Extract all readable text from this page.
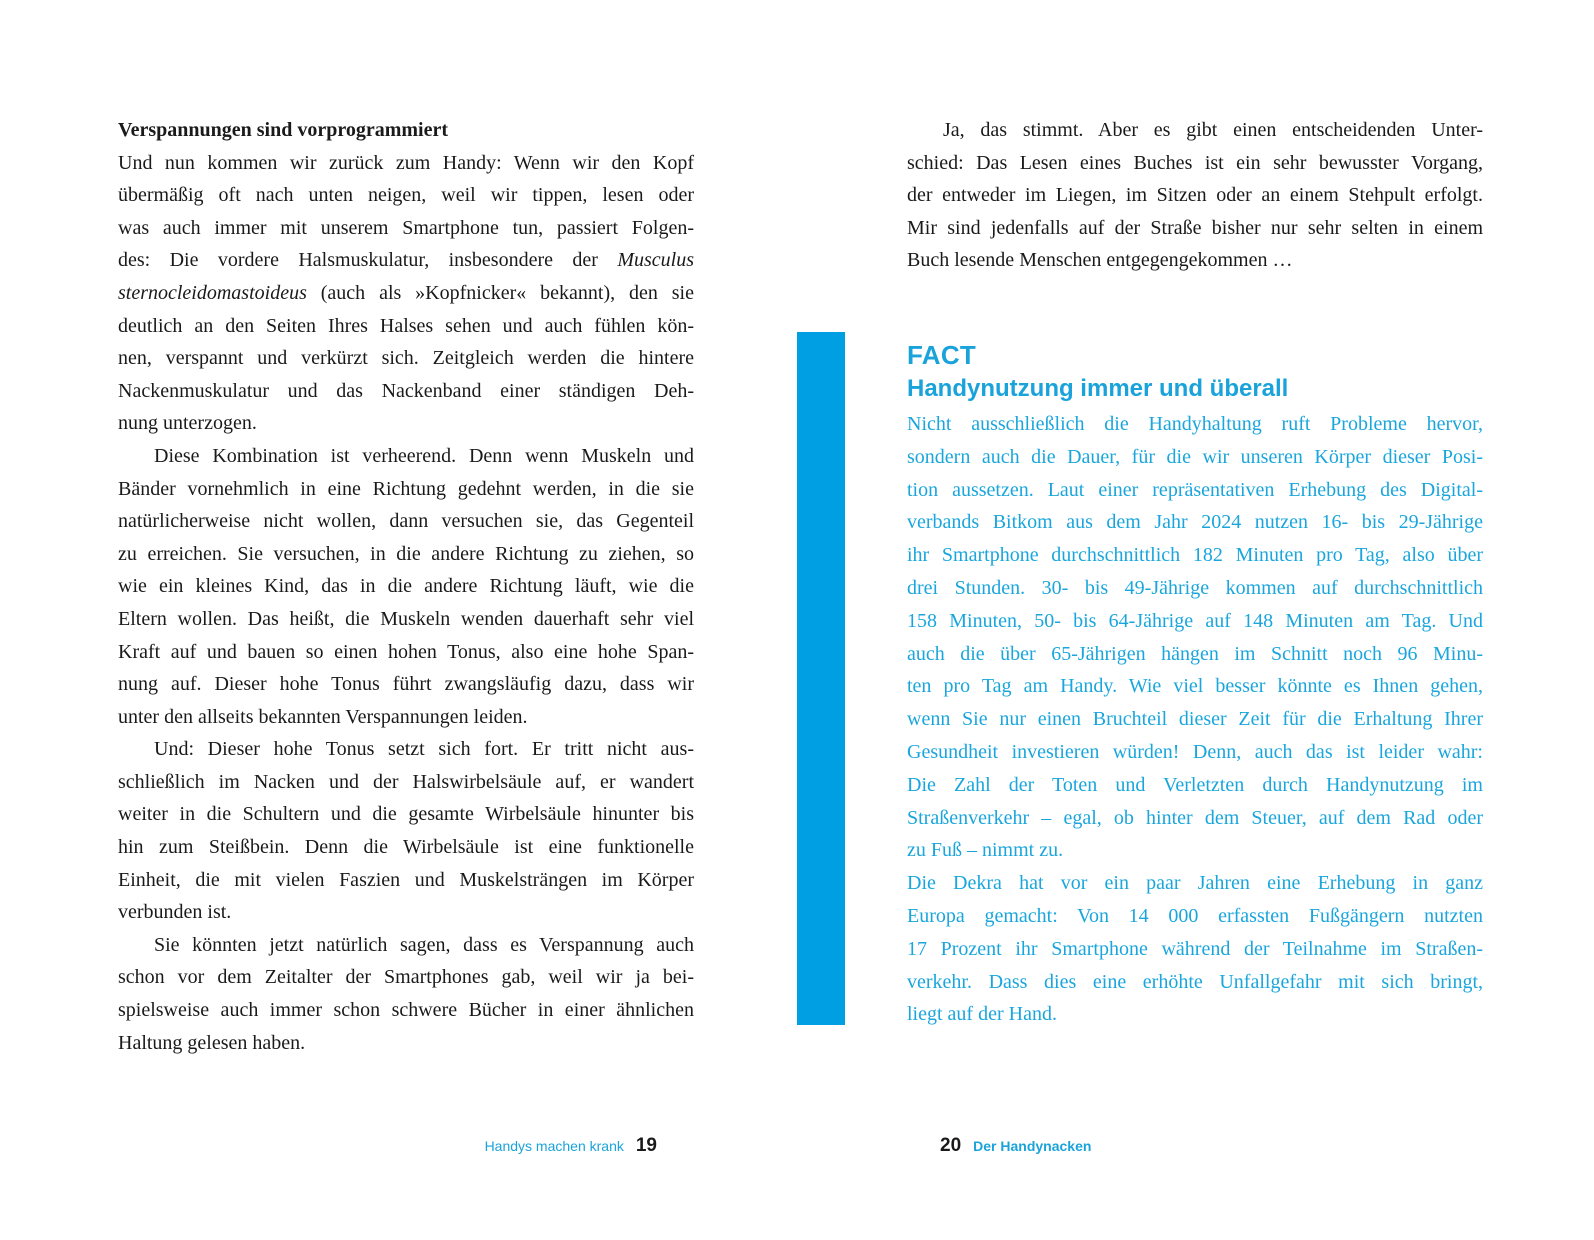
Verspannungen sind vorprogrammiert
Und nun kommen wir zurück zum Handy: Wenn wir den Kopf
übermäßig oft nach unten neigen, weil wir tippen, lesen oder
was auch immer mit unserem Smartphone tun, passiert Folgen-
des: Die vordere Halsmuskulatur, insbesondere der Musculus
sternocleidomastoideus (auch als »Kopfnicker« bekannt), den sie
deutlich an den Seiten Ihres Halses sehen und auch fühlen kön-
nen, verspannt und verkürzt sich. Zeitgleich werden die hintere
Nackenmuskulatur und das Nackenband einer ständigen Deh-
nung unterzogen.
Diese Kombination ist verheerend. Denn wenn Muskeln und
Bänder vornehmlich in eine Richtung gedehnt werden, in die sie
natürlicherweise nicht wollen, dann versuchen sie, das Gegenteil
zu erreichen. Sie versuchen, in die andere Richtung zu ziehen, so
wie ein kleines Kind, das in die andere Richtung läuft, wie die
Eltern wollen. Das heißt, die Muskeln wenden dauerhaft sehr viel
Kraft auf und bauen so einen hohen Tonus, also eine hohe Span-
nung auf. Dieser hohe Tonus führt zwangsläufig dazu, dass wir
unter den allseits bekannten Verspannungen leiden.
Und: Dieser hohe Tonus setzt sich fort. Er tritt nicht aus-
schließlich im Nacken und der Halswirbelsäule auf, er wandert
weiter in die Schultern und die gesamte Wirbelsäule hinunter bis
hin zum Steißbein. Denn die Wirbelsäule ist eine funktionelle
Einheit, die mit vielen Faszien und Muskelsträngen im Körper
verbunden ist.
Sie könnten jetzt natürlich sagen, dass es Verspannung auch
schon vor dem Zeitalter der Smartphones gab, weil wir ja bei-
spielsweise auch immer schon schwere Bücher in einer ähnlichen
Haltung gelesen haben.
Handys machen krank 19
Ja, das stimmt. Aber es gibt einen entscheidenden Unter-
schied: Das Lesen eines Buches ist ein sehr bewusster Vorgang,
der entweder im Liegen, im Sitzen oder an einem Stehpult erfolgt.
Mir sind jedenfalls auf der Straße bisher nur sehr selten in einem
Buch lesende Menschen entgegengekommen …
FACT
Handynutzung immer und überall
Nicht ausschließlich die Handyhaltung ruft Probleme hervor,
sondern auch die Dauer, für die wir unseren Körper dieser Posi-
tion aussetzen. Laut einer repräsentativen Erhebung des Digital-
verbands Bitkom aus dem Jahr 2024 nutzen 16- bis 29-Jährige
ihr Smartphone durchschnittlich 182 Minuten pro Tag, also über
drei Stunden. 30- bis 49-Jährige kommen auf durchschnittlich
158 Minuten, 50- bis 64-Jährige auf 148 Minuten am Tag. Und
auch die über 65-Jährigen hängen im Schnitt noch 96 Minu-
ten pro Tag am Handy. Wie viel besser könnte es Ihnen gehen,
wenn Sie nur einen Bruchteil dieser Zeit für die Erhaltung Ihrer
Gesundheit investieren würden! Denn, auch das ist leider wahr:
Die Zahl der Toten und Verletzten durch Handynutzung im
Straßenverkehr – egal, ob hinter dem Steuer, auf dem Rad oder
zu Fuß – nimmt zu.
Die Dekra hat vor ein paar Jahren eine Erhebung in ganz
Europa gemacht: Von 14 000 erfassten Fußgängern nutzten
17 Prozent ihr Smartphone während der Teilnahme im Straßen-
verkehr. Dass dies eine erhöhte Unfallgefahr mit sich bringt,
liegt auf der Hand.
20 Der Handynacken
